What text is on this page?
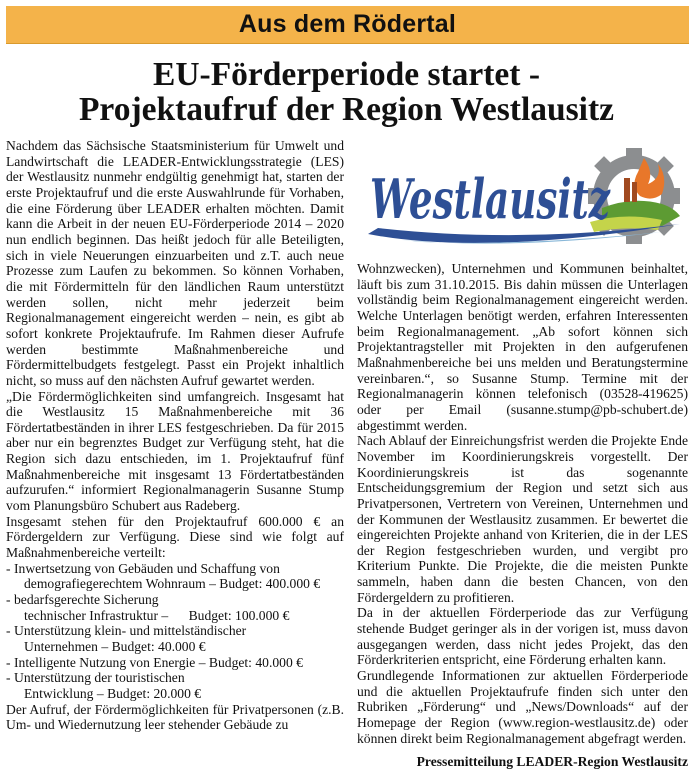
Aus dem Rödertal
EU-Förderperiode startet -
Projektaufruf der Region Westlausitz

Nachdem das Sächsische Staatsministerium für Umwelt und Landwirtschaft die LEADER-Entwicklungsstrategie (LES) der Westlausitz nunmehr endgültig genehmigt hat, starten der erste Projektaufruf und die erste Auswahlrunde für Vorhaben, die eine Förderung über LEADER erhalten möchten. Damit kann die Arbeit in der neuen EU-Förderperiode 2014 – 2020 nun endlich beginnen. Das heißt jedoch für alle Beteiligten, sich in viele Neuerungen einzuarbeiten und z.T. auch neue Prozesse zum Laufen zu bekommen. So können Vorhaben, die mit Fördermitteln für den ländlichen Raum unterstützt werden sollen, nicht mehr jederzeit beim Regionalmanagement eingereicht werden – nein, es gibt ab sofort konkrete Projektaufrufe. Im Rahmen dieser Aufrufe werden bestimmte Maßnahmenbereiche und Fördermittelbudgets festgelegt. Passt ein Projekt inhaltlich nicht, so muss auf den nächsten Aufruf gewartet werden.

„Die Fördermöglichkeiten sind umfangreich. Insgesamt hat die Westlausitz 15 Maßnahmenbereiche mit 36 Fördertatbeständen in ihrer LES festgeschrieben. Da für 2015 aber nur ein begrenztes Budget zur Verfügung steht, hat die Region sich dazu entschieden, im 1. Projektaufruf fünf Maßnahmenbereiche mit insgesamt 13 Fördertatbeständen aufzurufen.“ informiert Regionalmanagerin Susanne Stump vom Planungsbüro Schubert aus Radeberg.

Insgesamt stehen für den Projektaufruf 600.000 € an Fördergeldern zur Verfügung. Diese sind wie folgt auf Maßnahmenbereiche verteilt:

- Inwertsetzung von Gebäuden und Schaffung von
demografiegerechtem Wohnraum – Budget: 400.000 €
- bedarfsgerechte Sicherung
technischer Infrastruktur –      Budget: 100.000 €
- Unterstützung klein- und mittelständischer
Unternehmen – Budget: 40.000 €
- Intelligente Nutzung von Energie – Budget: 40.000 €
- Unterstützung der touristischen
Entwicklung – Budget: 20.000 €

Der Aufruf, der Fördermöglichkeiten für Privatpersonen (z.B. Um- und Wiedernutzung leer stehender Gebäude zu

Westlausitz

Wohnzwecken), Unternehmen und Kommunen beinhaltet, läuft bis zum 31.10.2015. Bis dahin müssen die Unterlagen vollständig beim Regionalmanagement eingereicht werden. Welche Unterlagen benötigt werden, erfahren Interessenten beim Regionalmanagement. „Ab sofort können sich Projektantragsteller mit Projekten in den aufgerufenen Maßnahmenbereiche bei uns melden und Beratungstermine vereinbaren.“, so Susanne Stump. Termine mit der Regionalmanagerin können telefonisch (03528-419625) oder per Email (susanne.stump@pb-schubert.de) abgestimmt werden.

Nach Ablauf der Einreichungsfrist werden die Projekte Ende November im Koordinierungskreis vorgestellt. Der Koordinierungskreis ist das sogenannte Entscheidungsgremium der Region und setzt sich aus Privatpersonen, Vertretern von Vereinen, Unternehmen und der Kommunen der Westlausitz zusammen. Er bewertet die eingereichten Projekte anhand von Kriterien, die in der LES der Region festgeschrieben wurden, und vergibt pro Kriterium Punkte. Die Projekte, die die meisten Punkte sammeln, haben dann die besten Chancen, von den Fördergeldern zu profitieren.

Da in der aktuellen Förderperiode das zur Verfügung stehende Budget geringer als in der vorigen ist, muss davon ausgegangen werden, dass nicht jedes Projekt, das den Förderkriterien entspricht, eine Förderung erhalten kann.

Grundlegende Informationen zur aktuellen Förderperiode und die aktuellen Projektaufrufe finden sich unter den Rubriken „Förderung“ und „News/Downloads“ auf der Homepage der Region (www.region-westlausitz.de) oder können direkt beim Regionalmanagement abgefragt werden.

Pressemitteilung LEADER-Region Westlausitz
